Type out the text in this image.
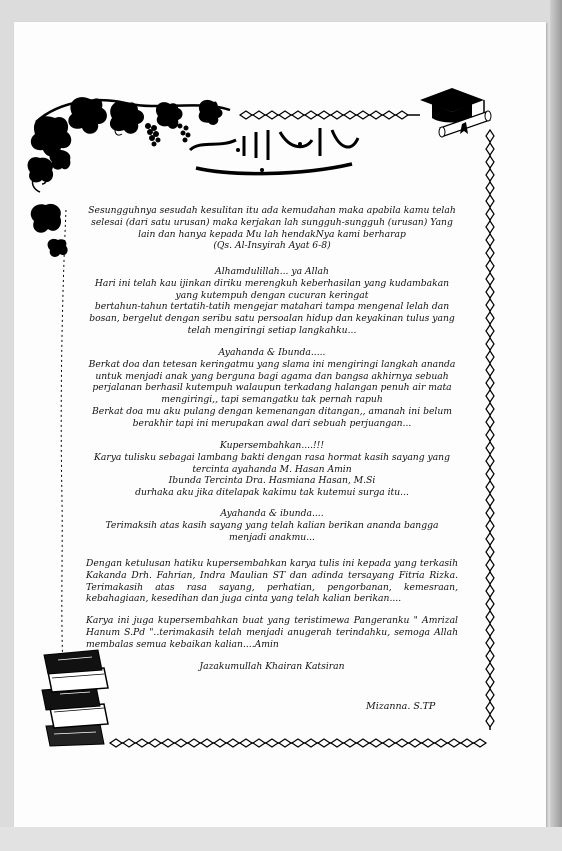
Sesungguhnya sesudah kesulitan itu ada kemudahan maka apabila kamu telah

selesai (dari satu urusan) maka kerjakan lah sungguh-sungguh (urusan) Yang

lain dan hanya kepada Mu lah hendakNya kami berharap

(Qs. Al-Insyirah Ayat 6-8)

Alhamdulillah... ya Allah

Hari ini telah kau ijinkan diriku merengkuh keberhasilan yang kudambakan

yang kutempuh dengan cucuran keringat

bertahun-tahun tertatih-tatih mengejar matahari tampa mengenal lelah dan

bosan, bergelut dengan seribu satu persoalan hidup dan keyakinan tulus yang

telah mengiringi setiap langkahku...

Ayahanda & Ibunda.....

Berkat doa dan tetesan keringatmu yang slama ini mengiringi langkah ananda

untuk menjadi anak yang berguna bagi agama dan bangsa akhirnya sebuah

perjalanan berhasil kutempuh walaupun terkadang halangan penuh air mata

mengiringi,, tapi semangatku tak pernah rapuh

Berkat doa mu aku pulang dengan kemenangan ditangan,, amanah ini belum

berakhir tapi ini merupakan awal dari sebuah perjuangan...

Kupersembahkan....!!!

Karya tulisku sebagai lambang bakti dengan rasa hormat kasih sayang yang

tercinta ayahanda M. Hasan Amin

Ibunda Tercinta Dra. Hasmiana Hasan, M.Si

durhaka aku jika ditelapak kakimu tak kutemui surga itu...

Ayahanda & ibunda....

Terimaksih atas kasih sayang yang telah kalian berikan ananda bangga

menjadi anakmu...

Dengan ketulusan hatiku kupersembahkan karya tulis ini kepada yang terkasih Kakanda Drh. Fahrian, Indra Maulian ST dan adinda tersayang Fitria Rizka. Terimakasih atas rasa sayang, perhatian, pengorbanan, kemesraan, kebahagiaan, kesedihan dan juga cinta yang telah kalian berikan....

Karya ini juga kupersembahkan buat yang teristimewa Pangeranku " Amrizal Hanum S.Pd "..terimakasih telah menjadi anugerah terindahku, semoga Allah membalas semua kebaikan kalian....Amin

Jazakumullah Khairan Katsiran

Mizanna. S.TP
